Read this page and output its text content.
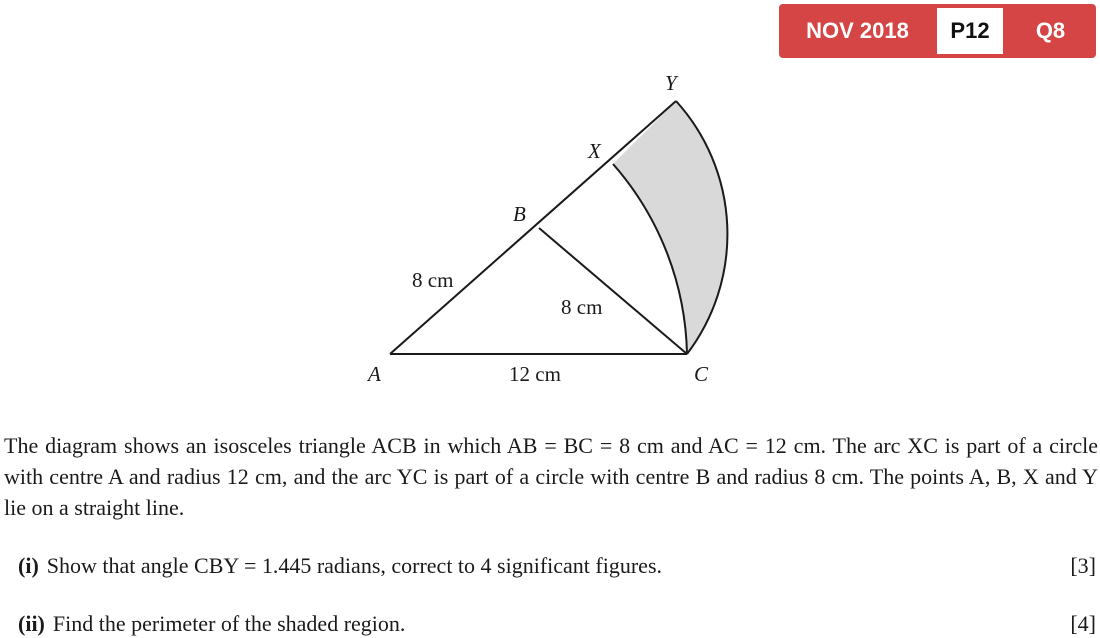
NOV 2018	P12	Q8
A
B
C
X
Y
8 cm
8 cm
12 cm

The diagram shows an isosceles triangle ACB in which AB = BC = 8 cm and AC = 12 cm. The arc XC is part of a circle with centre A and radius 12 cm, and the arc YC is part of a circle with centre B and radius 8 cm. The points A, B, X and Y lie on a straight line.

(i) Show that angle CBY = 1.445 radians, correct to 4 significant figures.	[3]
(ii) Find the perimeter of the shaded region.	[4]
